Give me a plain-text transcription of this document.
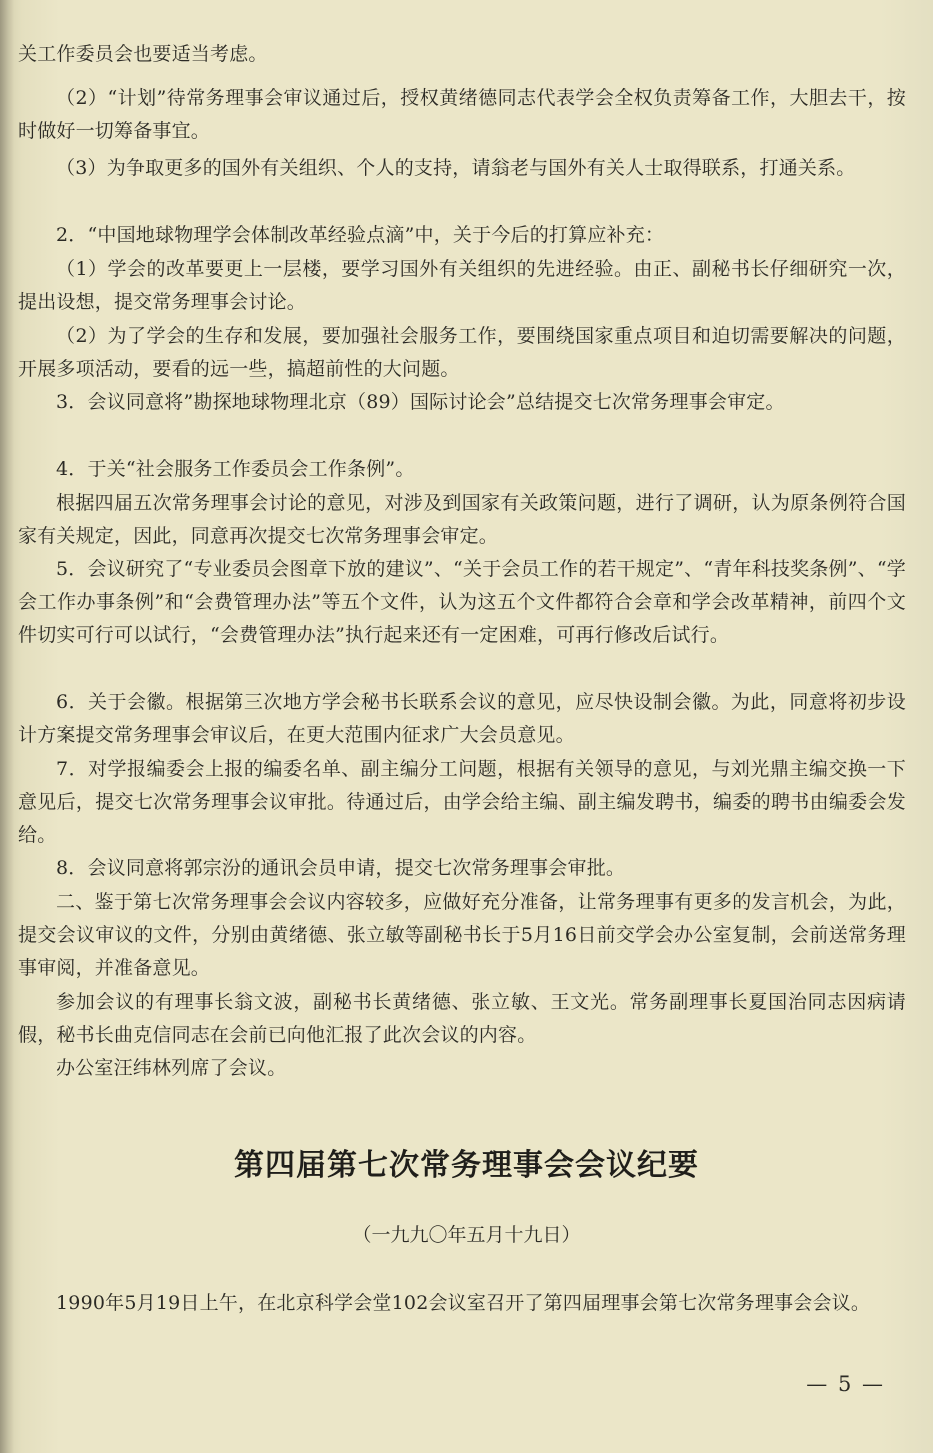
关工作委员会也要适当考虑。
（2）“计划”待常务理事会审议通过后，授权黄绪德同志代表学会全权负责筹备工作，大胆去干，按时做好一切筹备事宜。
（3）为争取更多的国外有关组织、个人的支持，请翁老与国外有关人士取得联系，打通关系。
2．“中国地球物理学会体制改革经验点滴”中，关于今后的打算应补充：
（1）学会的改革要更上一层楼，要学习国外有关组织的先进经验。由正、副秘书长仔细研究一次，提出设想，提交常务理事会讨论。
（2）为了学会的生存和发展，要加强社会服务工作，要围绕国家重点项目和迫切需要解决的问题，开展多项活动，要看的远一些，搞超前性的大问题。
3．会议同意将”勘探地球物理北京（89）国际讨论会”总结提交七次常务理事会审定。
4．于关“社会服务工作委员会工作条例”。
根据四届五次常务理事会讨论的意见，对涉及到国家有关政策问题，进行了调研，认为原条例符合国家有关规定，因此，同意再次提交七次常务理事会审定。
5．会议研究了“专业委员会图章下放的建议”、“关于会员工作的若干规定”、“青年科技奖条例”、“学会工作办事条例”和“会费管理办法”等五个文件，认为这五个文件都符合会章和学会改革精神，前四个文件切实可行可以试行，“会费管理办法”执行起来还有一定困难，可再行修改后试行。
6．关于会徽。根据第三次地方学会秘书长联系会议的意见，应尽快设制会徽。为此，同意将初步设计方案提交常务理事会审议后，在更大范围内征求广大会员意见。
7．对学报编委会上报的编委名单、副主编分工问题，根据有关领导的意见，与刘光鼎主编交换一下意见后，提交七次常务理事会议审批。待通过后，由学会给主编、副主编发聘书，编委的聘书由编委会发给。
8．会议同意将郭宗汾的通讯会员申请，提交七次常务理事会审批。
二、鉴于第七次常务理事会会议内容较多，应做好充分准备，让常务理事有更多的发言机会，为此，提交会议审议的文件，分别由黄绪德、张立敏等副秘书长于5月16日前交学会办公室复制，会前送常务理事审阅，并准备意见。
参加会议的有理事长翁文波，副秘书长黄绪德、张立敏、王文光。常务副理事长夏国治同志因病请假，秘书长曲克信同志在会前已向他汇报了此次会议的内容。
办公室汪纬林列席了会议。
第四届第七次常务理事会会议纪要
（一九九〇年五月十九日）
1990年5月19日上午，在北京科学会堂102会议室召开了第四届理事会第七次常务理事会会议。
— 5 —
